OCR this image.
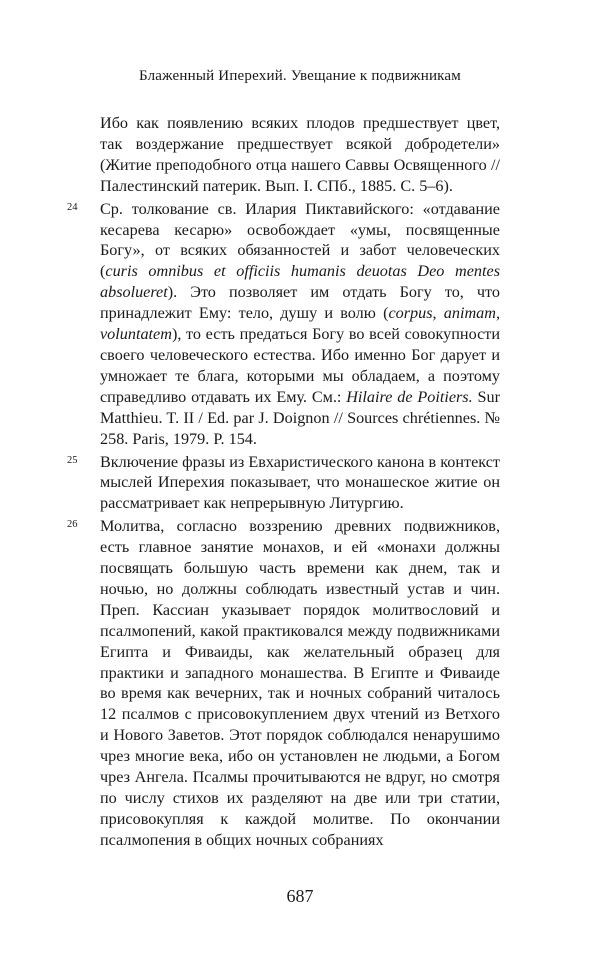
Блаженный Иперехий. Увещание к подвижникам
Ибо как появлению всяких плодов предшествует цвет, так воздержание предшествует всякой добродетели» (Житие преподобного отца нашего Саввы Освященного // Палестинский патерик. Вып. I. СПб., 1885. С. 5–6).
24 Ср. толкование св. Илария Пиктавийского: «отдавание кесарева кесарю» освобождает «умы, посвященные Богу», от всяких обязанностей и забот человеческих (curis omnibus et officiis humanis deuotas Deo mentes absolueret). Это позволяет им отдать Богу то, что принадлежит Ему: тело, душу и волю (corpus, animam, voluntatem), то есть предаться Богу во всей совокупности своего человеческого естества. Ибо именно Бог дарует и умножает те блага, которыми мы обладаем, а поэтому справедливо отдавать их Ему. См.: Hilaire de Poitiers. Sur Matthieu. T. II / Ed. par J. Doignon // Sources chrétiennes. № 258. Paris, 1979. P. 154.
25 Включение фразы из Евхаристического канона в контекст мыслей Иперехия показывает, что монашеское житие он рассматривает как непрерывную Литургию.
26 Молитва, согласно воззрению древних подвижников, есть главное занятие монахов, и ей «монахи должны посвящать большую часть времени как днем, так и ночью, но должны соблюдать известный устав и чин. Преп. Кассиан указывает порядок молитвословий и псалмопений, какой практиковался между подвижниками Египта и Фиваиды, как желательный образец для практики и западного монашества. В Египте и Фиваиде во время как вечерних, так и ночных собраний читалось 12 псалмов с присовокуплением двух чтений из Ветхого и Нового Заветов. Этот порядок соблюдался ненарушимо чрез многие века, ибо он установлен не людьми, а Богом чрез Ангела. Псалмы прочитываются не вдруг, но смотря по числу стихов их разделяют на две или три статии, присовокупляя к каждой молитве. По окончании псалмопения в общих ночных собраниях
687
